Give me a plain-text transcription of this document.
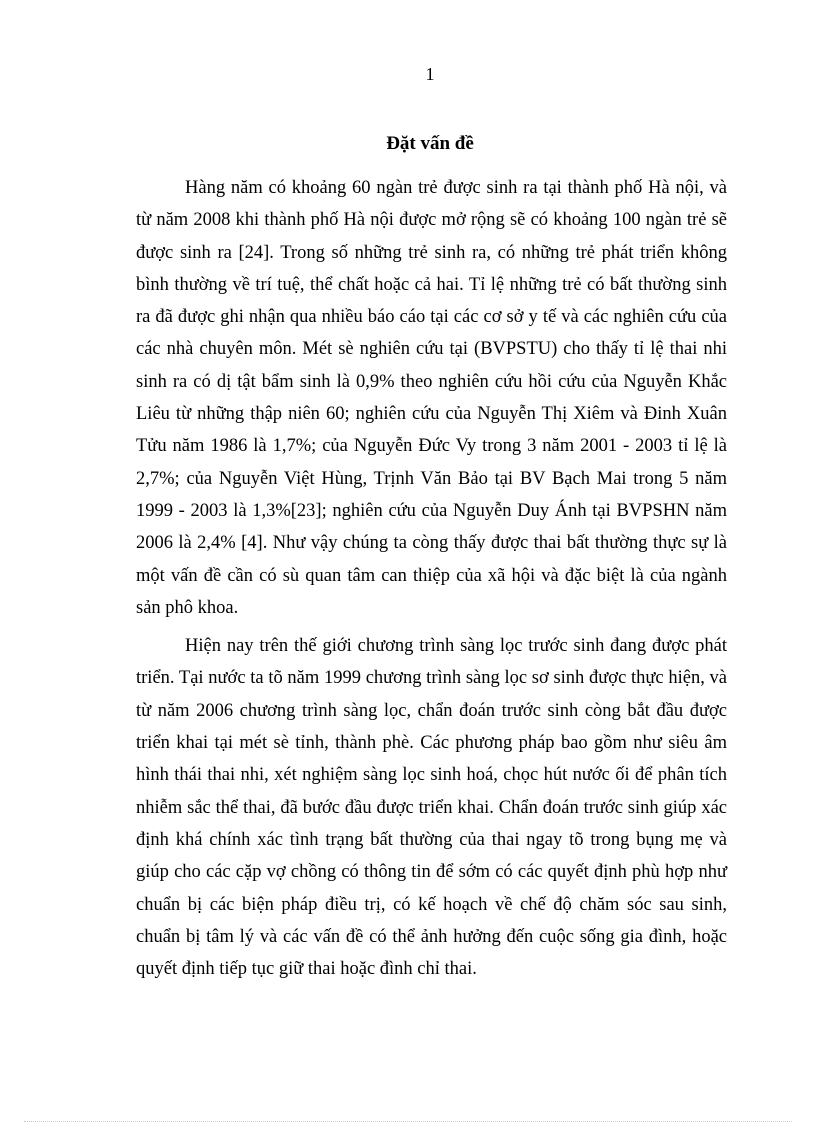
1
Đặt vấn đề

Hàng năm có khoảng 60 ngàn trẻ được sinh ra tại thành phố Hà nội, và từ năm 2008 khi thành phố Hà nội được mở rộng sẽ có khoảng 100 ngàn trẻ sẽ được sinh ra [24]. Trong số những trẻ sinh ra, có những trẻ phát triển không bình thường về trí tuệ, thể chất hoặc cả hai. Tỉ lệ những trẻ có bất thường sinh ra đã được ghi nhận qua nhiều báo cáo tại các cơ sở y tế và các nghiên cứu của các nhà chuyên môn. Mét sè nghiên cứu tại (BVPSTU) cho thấy tỉ lệ thai nhi sinh ra có dị tật bẩm sinh là 0,9% theo nghiên cứu hồi cứu của Nguyễn Khắc Liêu từ những thập niên 60; nghiên cứu của Nguyễn Thị Xiêm và Đinh Xuân Tửu năm 1986 là 1,7%; của Nguyễn Đức Vy trong 3 năm 2001 - 2003 tỉ lệ là 2,7%; của Nguyễn Việt Hùng, Trịnh Văn Bảo tại BV Bạch Mai trong 5 năm 1999 - 2003 là 1,3%[23]; nghiên cứu của Nguyễn Duy Ánh tại BVPSHN năm 2006 là 2,4% [4]. Như vậy chúng ta còng thấy được thai bất thường thực sự là một vấn đề cần có sù quan tâm can thiệp của xã hội và đặc biệt là của ngành sản phô khoa.

Hiện nay trên thế giới chương trình sàng lọc trước sinh đang được phát triển. Tại nước ta tõ năm 1999 chương trình sàng lọc sơ sinh được thực hiện, và từ năm 2006 chương trình sàng lọc, chẩn đoán trước sinh còng bắt đầu được triển khai tại mét sè tỉnh, thành phè. Các phương pháp bao gồm như siêu âm hình thái thai nhi, xét nghiệm sàng lọc sinh hoá, chọc hút nước ối để phân tích nhiễm sắc thể thai, đã bước đầu được triển khai. Chẩn đoán trước sinh giúp xác định khá chính xác tình trạng bất thường của thai ngay tõ trong bụng mẹ và giúp cho các cặp vợ chồng có thông tin để sớm có các quyết định phù hợp như chuẩn bị các biện pháp điều trị, có kế hoạch về chế độ chăm sóc sau sinh, chuẩn bị tâm lý và các vấn đề có thể ảnh hưởng đến cuộc sống gia đình, hoặc quyết định tiếp tục giữ thai hoặc đình chỉ thai.
